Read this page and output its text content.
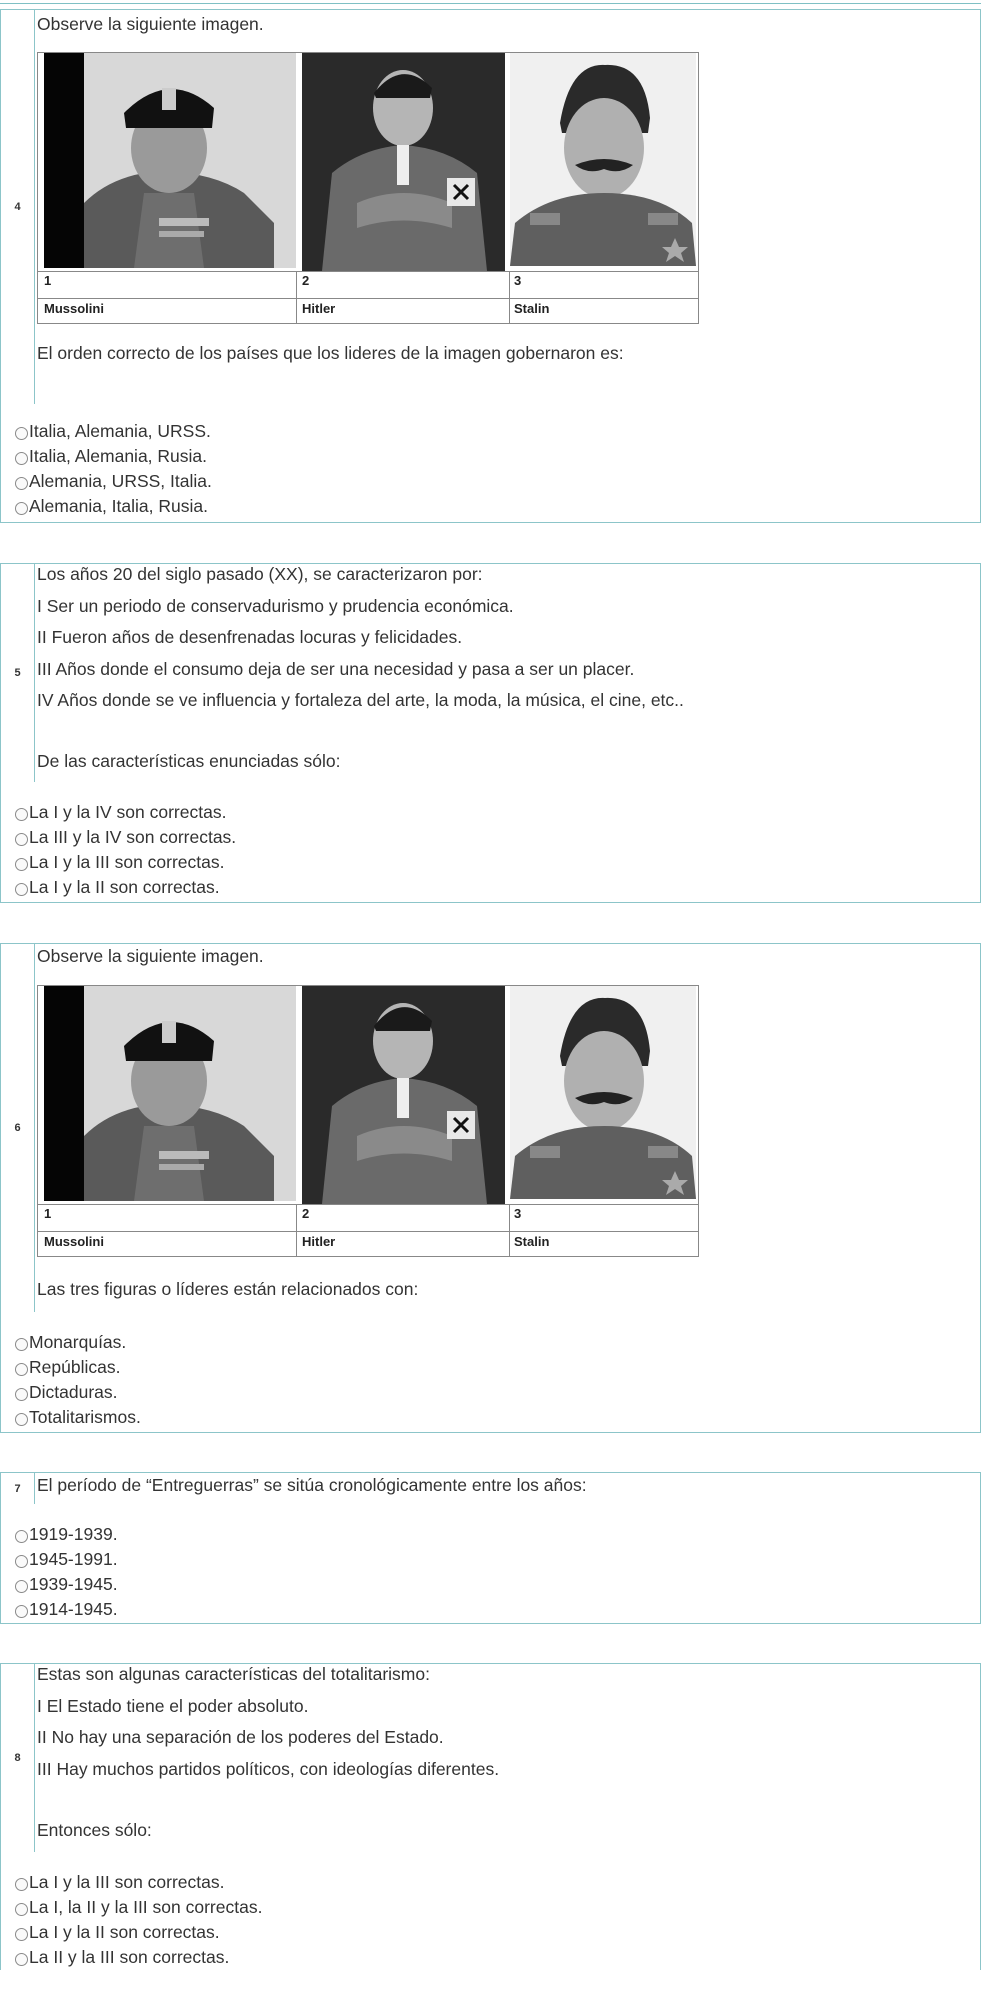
4
Observe la siguiente imagen.
1	2	3
Mussolini	Hitler	Stalin
El orden correcto de los países que los lideres de la imagen gobernaron es:
Italia, Alemania, URSS.
Italia, Alemania, Rusia.
Alemania, URSS, Italia.
Alemania, Italia, Rusia.
5
Los años 20 del siglo pasado (XX), se caracterizaron por:
I Ser un periodo de conservadurismo y prudencia económica.
II Fueron años de desenfrenadas locuras y felicidades.
III Años donde el consumo deja de ser una necesidad y pasa a ser un placer.
IV Años donde se ve influencia y fortaleza del arte, la moda, la música, el cine, etc..
De las características enunciadas sólo:
La I y la IV son correctas.
La III y la IV son correctas.
La I y la III son correctas.
La I y la II son correctas.
6
Observe la siguiente imagen.
1	2	3
Mussolini	Hitler	Stalin
Las tres figuras o líderes están relacionados con:
Monarquías.
Repúblicas.
Dictaduras.
Totalitarismos.
7 El período de “Entreguerras” se sitúa cronológicamente entre los años:
1919-1939.
1945-1991.
1939-1945.
1914-1945.
8
Estas son algunas características del totalitarismo:
I El Estado tiene el poder absoluto.
II No hay una separación de los poderes del Estado.
III Hay muchos partidos políticos, con ideologías diferentes.
Entonces sólo:
La I y la III son correctas.
La I, la II y la III son correctas.
La I y la II son correctas.
La II y la III son correctas.
